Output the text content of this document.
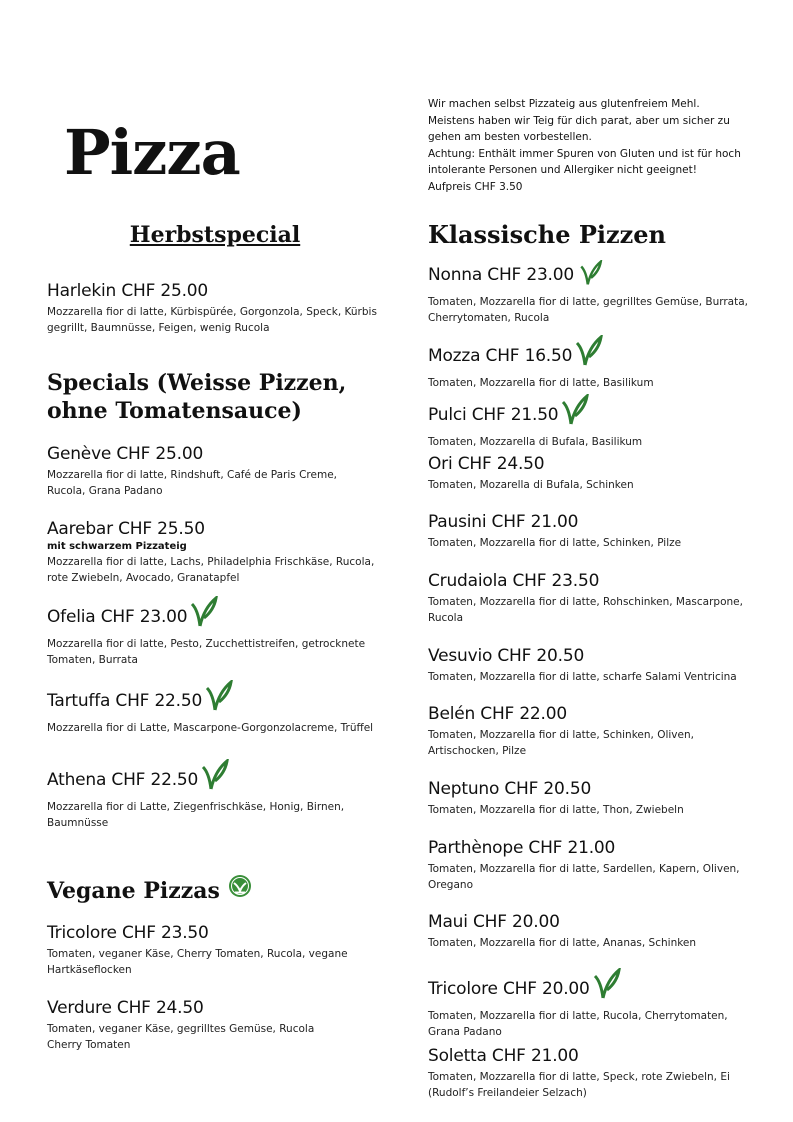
Pizza
Wir machen selbst Pizzateig aus glutenfreiem Mehl.
Meistens haben wir Teig für dich parat, aber um sicher zu
gehen am besten vorbestellen.
Achtung: Enthält immer Spuren von Gluten und ist für hoch
intolerante Personen und Allergiker nicht geeignet!
Aufpreis CHF 3.50
Herbstspecial
Harlekin CHF 25.00
Mozzarella fior di latte, Kürbispürée, Gorgonzola, Speck, Kürbis gegrillt, Baumnüsse, Feigen, wenig Rucola
Specials (Weisse Pizzen,
ohne Tomatensauce)
Genève CHF 25.00
Mozzarella fior di latte, Rindshuft, Café de Paris Creme, Rucola, Grana Padano
Aarebar CHF 25.50
mit schwarzem Pizzateig
Mozzarella fior di latte, Lachs, Philadelphia Frischkäse, Rucola, rote Zwiebeln, Avocado, Granatapfel
Ofelia CHF 23.00
Mozzarella fior di latte, Pesto, Zucchettistreifen, getrocknete Tomaten, Burrata
Tartuffa CHF 22.50
Mozzarella fior di Latte, Mascarpone-Gorgonzolacreme, Trüffel
Athena CHF 22.50
Mozzarella fior di Latte, Ziegenfrischkäse, Honig, Birnen, Baumnüsse
Vegane Pizzas
Tricolore CHF 23.50
Tomaten, veganer Käse, Cherry Tomaten, Rucola, vegane Hartkäseflocken
Verdure CHF 24.50
Tomaten, veganer Käse, gegrilltes Gemüse, Rucola Cherry Tomaten
Klassische Pizzen
Nonna CHF 23.00
Tomaten, Mozzarella fior di latte, gegrilltes Gemüse, Burrata, Cherrytomaten, Rucola
Mozza CHF 16.50
Tomaten, Mozzarella fior di latte, Basilikum
Pulci CHF 21.50
Tomaten, Mozzarella di Bufala, Basilikum
Ori CHF 24.50
Tomaten, Mozarella di Bufala, Schinken
Pausini CHF 21.00
Tomaten, Mozzarella fior di latte, Schinken, Pilze
Crudaiola CHF 23.50
Tomaten, Mozzarella fior di latte, Rohschinken, Mascarpone, Rucola
Vesuvio CHF 20.50
Tomaten, Mozzarella fior di latte, scharfe Salami Ventricina
Belén CHF 22.00
Tomaten, Mozzarella fior di latte, Schinken, Oliven, Artischocken, Pilze
Neptuno CHF 20.50
Tomaten, Mozzarella fior di latte, Thon, Zwiebeln
Parthènope CHF 21.00
Tomaten, Mozzarella fior di latte, Sardellen, Kapern, Oliven, Oregano
Maui CHF 20.00
Tomaten, Mozzarella fior di latte, Ananas, Schinken
Tricolore CHF 20.00
Tomaten, Mozzarella fior di latte, Rucola, Cherrytomaten, Grana Padano
Soletta CHF 21.00
Tomaten, Mozzarella fior di latte, Speck, rote Zwiebeln, Ei (Rudolf’s Freilandeier Selzach)
